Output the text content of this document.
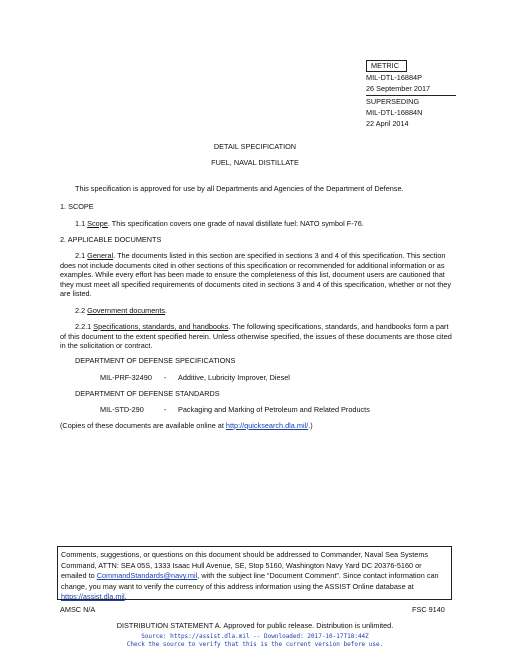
METRIC
MIL-DTL-16884P
26 September 2017
SUPERSEDING
MIL-DTL-16884N
22 April 2014
DETAIL SPECIFICATION
FUEL, NAVAL DISTILLATE
This specification is approved for use by all Departments and Agencies of the Department of Defense.
1. SCOPE
1.1 Scope. This specification covers one grade of naval distillate fuel: NATO symbol F-76.
2. APPLICABLE DOCUMENTS
2.1 General. The documents listed in this section are specified in sections 3 and 4 of this specification. This section does not include documents cited in other sections of this specification or recommended for additional information or as examples. While every effort has been made to ensure the completeness of this list, document users are cautioned that they must meet all specified requirements of documents cited in sections 3 and 4 of this specification, whether or not they are listed.
2.2 Government documents.
2.2.1 Specifications, standards, and handbooks. The following specifications, standards, and handbooks form a part of this document to the extent specified herein. Unless otherwise specified, the issues of these documents are those cited in the solicitation or contract.
DEPARTMENT OF DEFENSE SPECIFICATIONS
MIL-PRF-32490 - Additive, Lubricity Improver, Diesel
DEPARTMENT OF DEFENSE STANDARDS
MIL-STD-290	- Packaging and Marking of Petroleum and Related Products
(Copies of these documents are available online at http://quicksearch.dla.mil/.)
Comments, suggestions, or questions on this document should be addressed to Commander, Naval Sea Systems Command, ATTN: SEA 05S, 1333 Isaac Hull Avenue, SE, Stop 5160, Washington Navy Yard DC 20376-5160 or emailed to CommandStandards@navy.mil, with the subject line “Document Comment”. Since contact information can change, you may want to verify the currency of this address information using the ASSIST Online database at https://assist.dla.mil.
AMSC N/A	FSC 9140
DISTRIBUTION STATEMENT A. Approved for public release. Distribution is unlimited.
Source: https://assist.dla.mil -- Downloaded: 2017-10-17T18:44Z
Check the source to verify that this is the current version before use.
